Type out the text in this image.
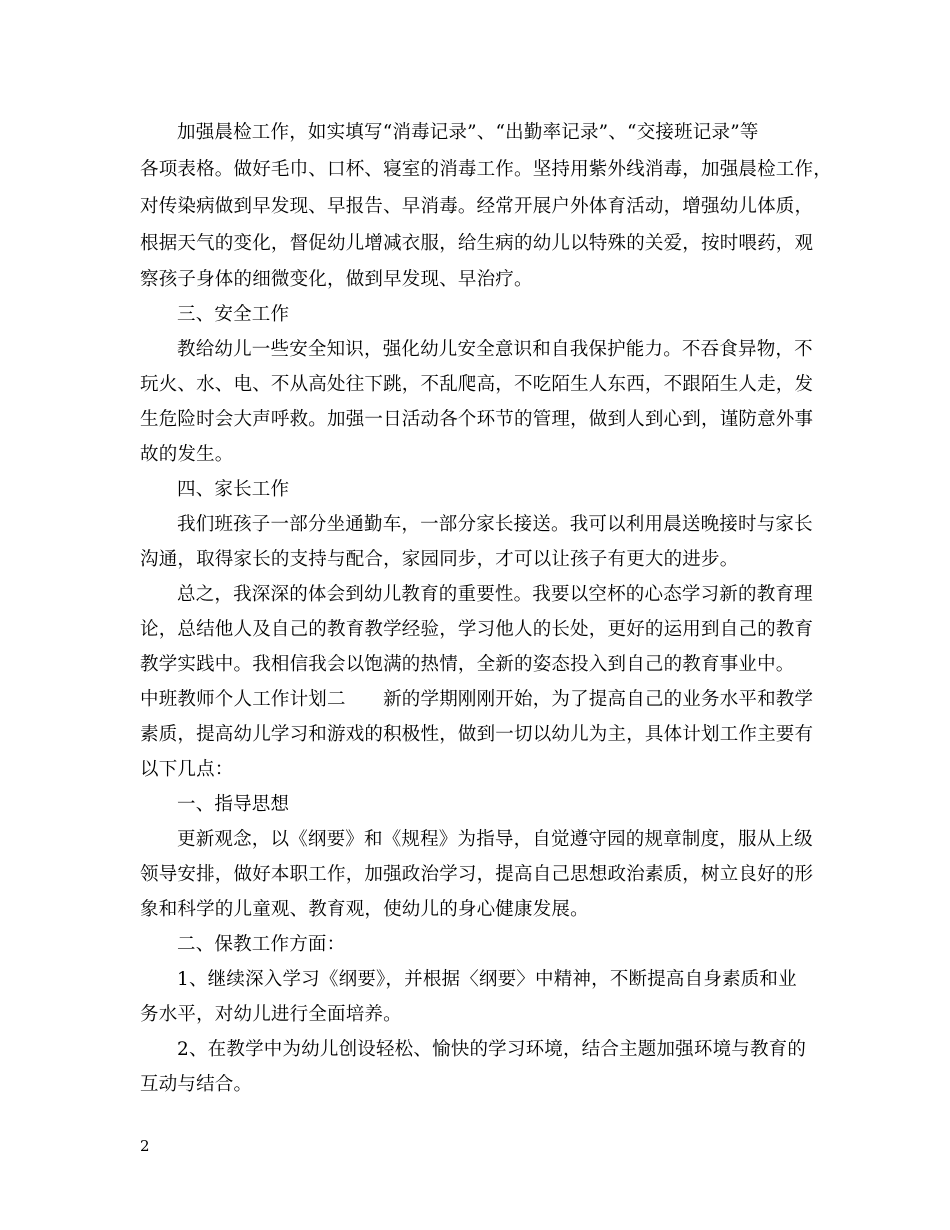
加强晨检工作，如实填写“消毒记录”、“出勤率记录”、“交接班记录”等
各项表格。做好毛巾、口杯、寝室的消毒工作。坚持用紫外线消毒，加强晨检工作，
对传染病做到早发现、早报告、早消毒。经常开展户外体育活动，增强幼儿体质，
根据天气的变化，督促幼儿增减衣服，给生病的幼儿以特殊的关爱，按时喂药，观
察孩子身体的细微变化，做到早发现、早治疗。
三、安全工作
教给幼儿一些安全知识，强化幼儿安全意识和自我保护能力。不吞食异物，不
玩火、水、电、不从高处往下跳，不乱爬高，不吃陌生人东西，不跟陌生人走，发
生危险时会大声呼救。加强一日活动各个环节的管理，做到人到心到，谨防意外事
故的发生。
四、家长工作
我们班孩子一部分坐通勤车，一部分家长接送。我可以利用晨送晚接时与家长
沟通，取得家长的支持与配合，家园同步，才可以让孩子有更大的进步。
总之，我深深的体会到幼儿教育的重要性。我要以空杯的心态学习新的教育理
论，总结他人及自己的教育教学经验，学习他人的长处，更好的运用到自己的教育
教学实践中。我相信我会以饱满的热情，全新的姿态投入到自己的教育事业中。
中班教师个人工作计划二　　新的学期刚刚开始，为了提高自己的业务水平和教学
素质，提高幼儿学习和游戏的积极性，做到一切以幼儿为主，具体计划工作主要有
以下几点：
一、指导思想
更新观念，以《纲要》和《规程》为指导，自觉遵守园的规章制度，服从上级
领导安排，做好本职工作，加强政治学习，提高自己思想政治素质，树立良好的形
象和科学的儿童观、教育观，使幼儿的身心健康发展。
二、保教工作方面：
1、继续深入学习《纲要》，并根据〈纲要〉中精神，不断提高自身素质和业
务水平，对幼儿进行全面培养。
2、在教学中为幼儿创设轻松、愉快的学习环境，结合主题加强环境与教育的
互动与结合。
2
